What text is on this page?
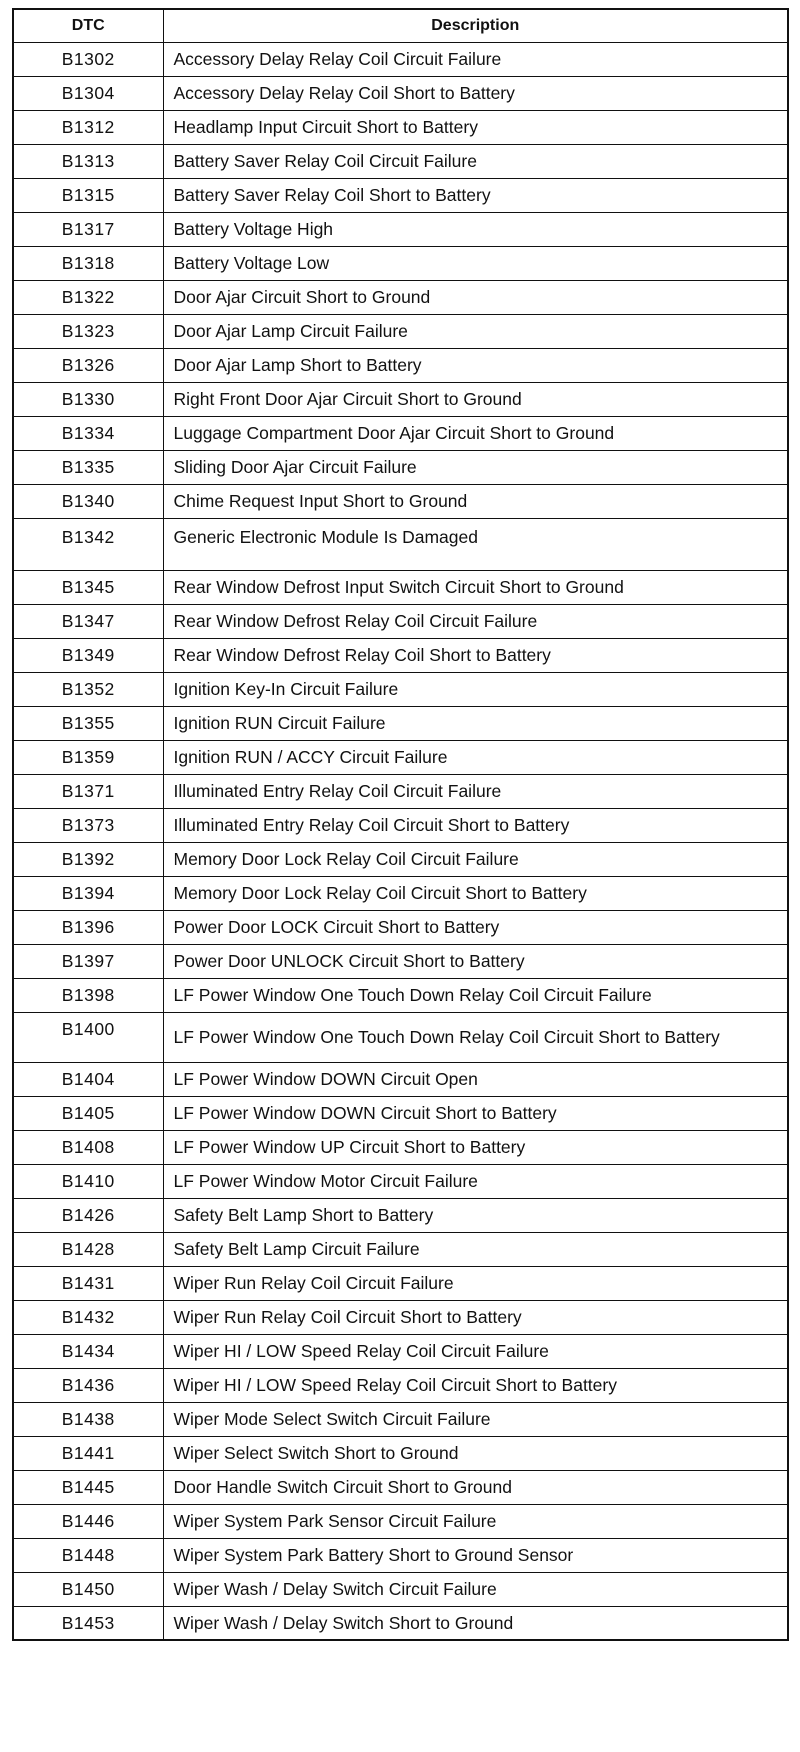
DTC	Description
B1302	Accessory Delay Relay Coil Circuit Failure
B1304	Accessory Delay Relay Coil Short to Battery
B1312	Headlamp Input Circuit Short to Battery
B1313	Battery Saver Relay Coil Circuit Failure
B1315	Battery Saver Relay Coil Short to Battery
B1317	Battery Voltage High
B1318	Battery Voltage Low
B1322	Door Ajar Circuit Short to Ground
B1323	Door Ajar Lamp Circuit Failure
B1326	Door Ajar Lamp Short to Battery
B1330	Right Front Door Ajar Circuit Short to Ground
B1334	Luggage Compartment Door Ajar Circuit Short to Ground
B1335	Sliding Door Ajar Circuit Failure
B1340	Chime Request Input Short to Ground
B1342	Generic Electronic Module Is Damaged
B1345	Rear Window Defrost Input Switch Circuit Short to Ground
B1347	Rear Window Defrost Relay Coil Circuit Failure
B1349	Rear Window Defrost Relay Coil Short to Battery
B1352	Ignition Key-In Circuit Failure
B1355	Ignition RUN Circuit Failure
B1359	Ignition RUN / ACCY Circuit Failure
B1371	Illuminated Entry Relay Coil Circuit Failure
B1373	Illuminated Entry Relay Coil Circuit Short to Battery
B1392	Memory Door Lock Relay Coil Circuit Failure
B1394	Memory Door Lock Relay Coil Circuit Short to Battery
B1396	Power Door LOCK Circuit Short to Battery
B1397	Power Door UNLOCK Circuit Short to Battery
B1398	LF Power Window One Touch Down Relay Coil Circuit Failure
B1400	LF Power Window One Touch Down Relay Coil Circuit Short to Battery
B1404	LF Power Window DOWN Circuit Open
B1405	LF Power Window DOWN Circuit Short to Battery
B1408	LF Power Window UP Circuit Short to Battery
B1410	LF Power Window Motor Circuit Failure
B1426	Safety Belt Lamp Short to Battery
B1428	Safety Belt Lamp Circuit Failure
B1431	Wiper Run Relay Coil Circuit Failure
B1432	Wiper Run Relay Coil Circuit Short to Battery
B1434	Wiper HI / LOW Speed Relay Coil Circuit Failure
B1436	Wiper HI / LOW Speed Relay Coil Circuit Short to Battery
B1438	Wiper Mode Select Switch Circuit Failure
B1441	Wiper Select Switch Short to Ground
B1445	Door Handle Switch Circuit Short to Ground
B1446	Wiper System Park Sensor Circuit Failure
B1448	Wiper System Park Battery Short to Ground Sensor
B1450	Wiper Wash / Delay Switch Circuit Failure
B1453	Wiper Wash / Delay Switch Short to Ground
